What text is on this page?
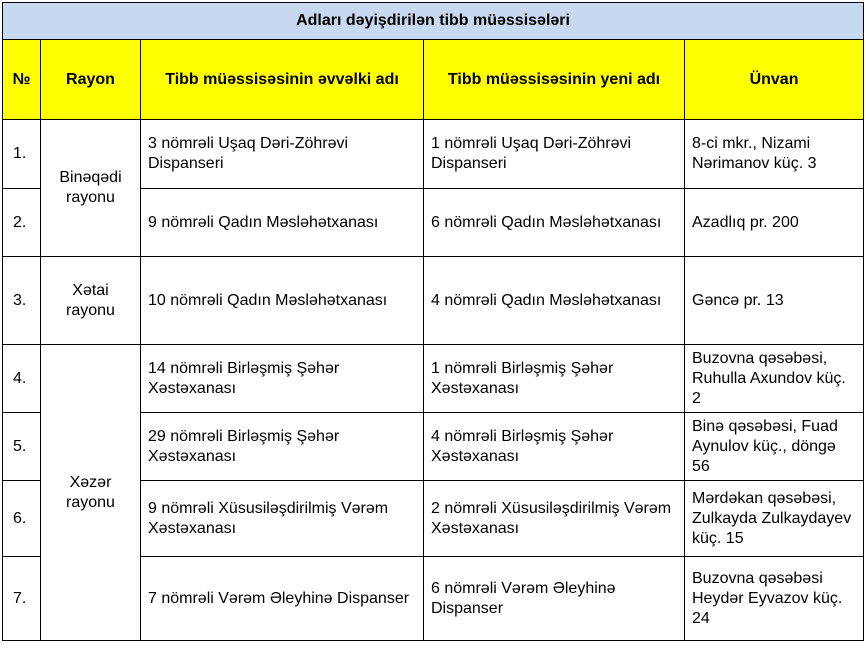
Adları dəyişdirilən tibb müəssisələri				
№	Rayon	Tibb müəssisəsinin əvvəlki adı	Tibb müəssisəsinin yeni adı	Ünvan
1.	Binəqədi rayonu	3 nömrəli Uşaq Dəri-Zöhrəvi Dispanseri	1 nömrəli Uşaq Dəri-Zöhrəvi Dispanseri	8-ci mkr., Nizami Nərimanov küç. 3
2.		9 nömrəli Qadın Məsləhətxanası	6 nömrəli Qadın Məsləhətxanası	Azadlıq pr. 200
3.	Xətai rayonu	10 nömrəli Qadın Məsləhətxanası	4 nömrəli Qadın Məsləhətxanası	Gəncə pr. 13
4.	Xəzər rayonu	14 nömrəli Birləşmiş Şəhər Xəstəxanası	1 nömrəli Birləşmiş Şəhər Xəstəxanası	Buzovna qəsəbəsi, Ruhulla Axundov küç. 2
5.		29 nömrəli Birləşmiş Şəhər Xəstəxanası	4 nömrəli Birləşmiş Şəhər Xəstəxanası	Binə qəsəbəsi, Fuad Aynulov küç., döngə 56
6.		9 nömrəli Xüsusiləşdirilmiş Vərəm Xəstəxanası	2 nömrəli Xüsusiləşdirilmiş Vərəm Xəstəxanası	Mərdəkan qəsəbəsi, Zulkayda Zulkaydayev küç. 15
7.		7 nömrəli Vərəm Əleyhinə Dispanser	6 nömrəli Vərəm Əleyhinə Dispanser	Buzovna qəsəbəsi Heydər Eyvazov küç. 24
